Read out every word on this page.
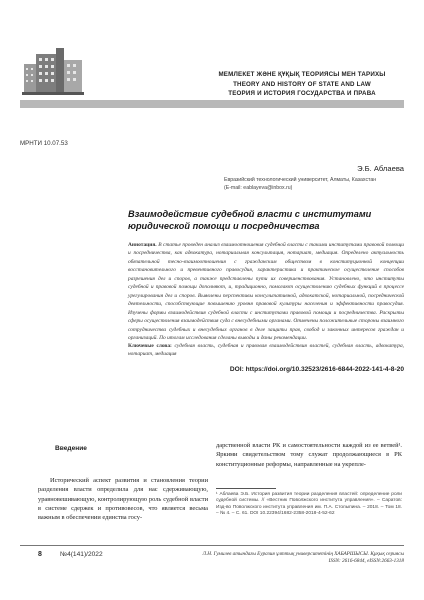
МЕМЛЕКЕТ ЖӘНЕ ҚҰҚЫҚ ТЕОРИЯСЫ МЕН ТАРИХЫ
THEORY AND HISTORY OF STATE AND LAW
ТЕОРИЯ И ИСТОРИЯ ГОСУДАРСТВА И ПРАВА
МРНТИ 10.07.53
Э.Б. Аблаева
Евразийский технологический университет, Алматы, Казахстан
(E-mail: eablayeva@inbox.ru)
Взаимодействие судебной власти с институтами юридической помощи и посредничества
Аннотация. В статье проведен анализ взаимоотношения судебной власти с такими институтами правовой помощи и посредничества, как адвокатура, нотариальная консультация, нотариат, медиация. Определено актуальность обязательной тесно-взаимоотношения с гражданским обществом в конституционной концепции восстановительного и превентивного правосудия, характеристика и практическое осуществление способов разрешения дел и споров, а также представлены пути их совершенствования. Установлено, что институты судебной и правовой помощи дополняют, и, традиционно, помогают осуществлению судебных функций в процессе урегулирования дел и споров. Выявлены перспективы консультативной, адвокатской, нотариальной, посреднической деятельности, способствующие повышению уровня правовой культуры населения и эффективности правосудия. Изучены формы взаимодействия судебной власти с институтами правовой помощи и посредничества. Раскрыты сферы осуществления взаимодействия суда с внесудебными органами. Отмечены положительные стороны взаимного сотрудничества судебных и внесудебных органов в деле защиты прав, свобод и законных интересов граждан и организаций. По итогам исследования сделаны выводы и даны рекомендации.
Ключевые слова: судебная власть, судебная и правовая взаимодействия властей, судебная власть, адвокатура, нотариат, медиация
DOI: https://doi.org/10.32523/2616-6844-2022-141-4-8-20
Введение

Исторический аспект развития и становления теории разделения власти определила для нас сдерживающую, уравновешивающую, контролирующую роль судебной власти в системе сдержек и противовесов, что является весьма важным в обеспечении единства госу-

дарственной власти РК и самостоятельности каждой из ее ветвей¹. Яркими свидетельством тому служат продолжающиеся в РК конституционные реформы, направленные на укрепле-

¹ Аблаева Э.Б. История развития теории разделения властей: определение роли судебной системы. // «Вестник Поволжского института управления». – Саратов: Изд-во Поволжского института управления им. П.А. Столыпина. – 2018. – Том 18. – № 4. – С. 61. DOI 10.22394/1682-2358-2018-4-52-62
8	№4(141)/2022	Л.Н. Гумилев атындағы Еуразия ұлттық университетінің ХАБАРШЫСЫ. Құқық сериясы
ISSN: 2616-6844, eISSN:2663-1318
